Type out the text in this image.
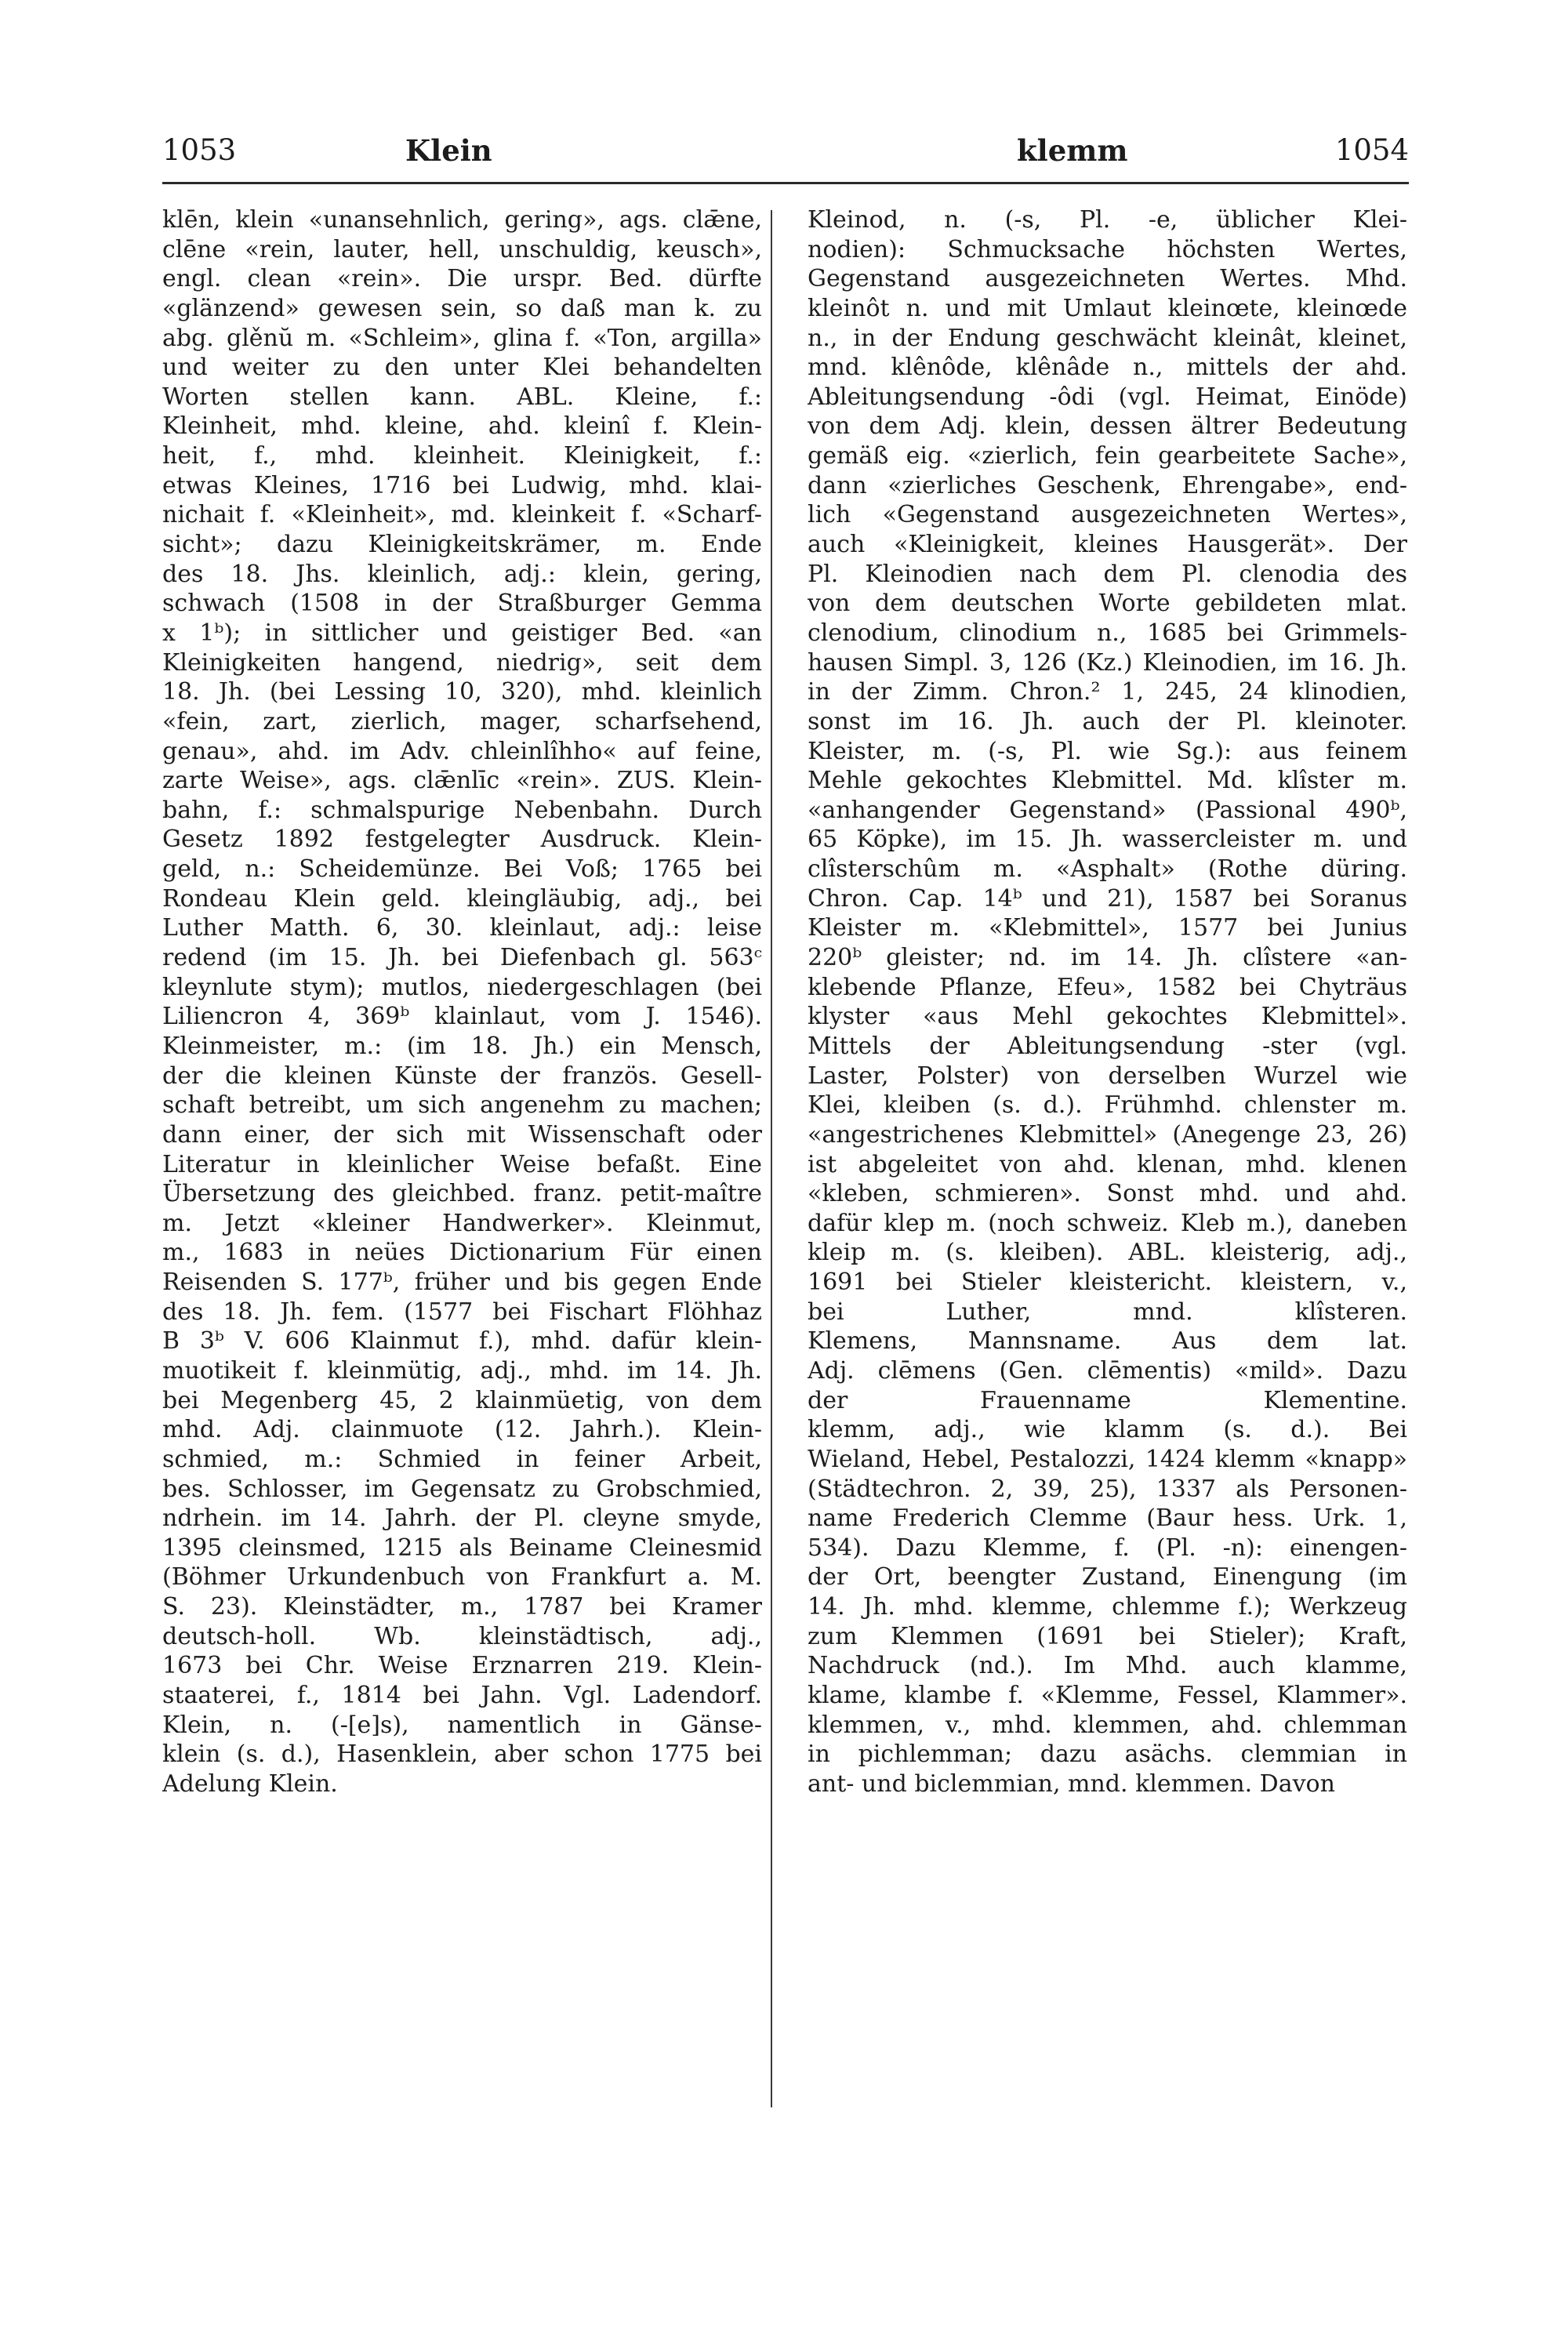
1053	Klein	klemm	1054
klēn, klein «unansehnlich, gering», ags. clǣne,
clēne «rein, lauter, hell, unschuldig, keusch»,
engl. clean «rein». Die urspr. Bed. dürfte
«glänzend» gewesen sein, so daß man k. zu
abg. glěnŭ m. «Schleim», glina f. «Ton, argilla»
und weiter zu den unter Klei behandelten
Worten stellen kann. ABL. Kleine, f.:
Kleinheit, mhd. kleine, ahd. kleinî f. Klein-
heit, f., mhd. kleinheit. Kleinigkeit, f.:
etwas Kleines, 1716 bei Ludwig, mhd. klai-
nichait f. «Kleinheit», md. kleinkeit f. «Scharf-
sicht»; dazu Kleinigkeitskrämer, m. Ende
des 18. Jhs. kleinlich, adj.: klein, gering,
schwach (1508 in der Straßburger Gemma
x 1ᵇ); in sittlicher und geistiger Bed. «an
Kleinigkeiten hangend, niedrig», seit dem
18. Jh. (bei Lessing 10, 320), mhd. kleinlich
«fein, zart, zierlich, mager, scharfsehend,
genau», ahd. im Adv. chleinlîhho« auf feine,
zarte Weise», ags. clǣnlīc «rein». ZUS. Klein-
bahn, f.: schmalspurige Nebenbahn. Durch
Gesetz 1892 festgelegter Ausdruck. Klein-
geld, n.: Scheidemünze. Bei Voß; 1765 bei
Rondeau Klein geld. kleingläubig, adj., bei
Luther Matth. 6, 30. kleinlaut, adj.: leise
redend (im 15. Jh. bei Diefenbach gl. 563ᶜ
kleynlute stym); mutlos, niedergeschlagen (bei
Liliencron 4, 369ᵇ klainlaut, vom J. 1546).
Kleinmeister, m.: (im 18. Jh.) ein Mensch,
der die kleinen Künste der französ. Gesell-
schaft betreibt, um sich angenehm zu machen;
dann einer, der sich mit Wissenschaft oder
Literatur in kleinlicher Weise befaßt. Eine
Übersetzung des gleichbed. franz. petit-maître
m. Jetzt «kleiner Handwerker». Kleinmut,
m., 1683 in neües Dictionarium Für einen
Reisenden S. 177ᵇ, früher und bis gegen Ende
des 18. Jh. fem. (1577 bei Fischart Flöhhaz
B 3ᵇ V. 606 Klainmut f.), mhd. dafür klein-
muotikeit f. kleinmütig, adj., mhd. im 14. Jh.
bei Megenberg 45, 2 klainmüetig, von dem
mhd. Adj. clainmuote (12. Jahrh.). Klein-
schmied, m.: Schmied in feiner Arbeit,
bes. Schlosser, im Gegensatz zu Grobschmied,
ndrhein. im 14. Jahrh. der Pl. cleyne smyde,
1395 cleinsmed, 1215 als Beiname Cleinesmid
(Böhmer Urkundenbuch von Frankfurt a. M.
S. 23). Kleinstädter, m., 1787 bei Kramer
deutsch-holl. Wb. kleinstädtisch, adj.,
1673 bei Chr. Weise Erznarren 219. Klein-
staaterei, f., 1814 bei Jahn. Vgl. Ladendorf.
Klein, n. (-[e]s), namentlich in Gänse-
klein (s. d.), Hasenklein, aber schon 1775 bei
Adelung Klein.
Kleinod, n. (-s, Pl. -e, üblicher Klei-
nodien): Schmucksache höchsten Wertes,
Gegenstand ausgezeichneten Wertes. Mhd.
kleinôt n. und mit Umlaut kleinœte, kleinœde
n., in der Endung geschwächt kleinât, kleinet,
mnd. klênôde, klênâde n., mittels der ahd.
Ableitungsendung -ôdi (vgl. Heimat, Einöde)
von dem Adj. klein, dessen ältrer Bedeutung
gemäß eig. «zierlich, fein gearbeitete Sache»,
dann «zierliches Geschenk, Ehrengabe», end-
lich «Gegenstand ausgezeichneten Wertes»,
auch «Kleinigkeit, kleines Hausgerät». Der
Pl. Kleinodien nach dem Pl. clenodia des
von dem deutschen Worte gebildeten mlat.
clenodium, clinodium n., 1685 bei Grimmels-
hausen Simpl. 3, 126 (Kz.) Kleinodien, im 16. Jh.
in der Zimm. Chron.² 1, 245, 24 klinodien,
sonst im 16. Jh. auch der Pl. kleinoter.
Kleister, m. (-s, Pl. wie Sg.): aus feinem
Mehle gekochtes Klebmittel. Md. klîster m.
«anhangender Gegenstand» (Passional 490ᵇ,
65 Köpke), im 15. Jh. wassercleister m. und
clîsterschûm m. «Asphalt» (Rothe düring.
Chron. Cap. 14ᵇ und 21), 1587 bei Soranus
Kleister m. «Klebmittel», 1577 bei Junius
220ᵇ gleister; nd. im 14. Jh. clîstere «an-
klebende Pflanze, Efeu», 1582 bei Chyträus
klyster «aus Mehl gekochtes Klebmittel».
Mittels der Ableitungsendung -ster (vgl.
Laster, Polster) von derselben Wurzel wie
Klei, kleiben (s. d.). Frühmhd. chlenster m.
«angestrichenes Klebmittel» (Anegenge 23, 26)
ist abgeleitet von ahd. klenan, mhd. klenen
«kleben, schmieren». Sonst mhd. und ahd.
dafür klep m. (noch schweiz. Kleb m.), daneben
kleip m. (s. kleiben). ABL. kleisterig, adj.,
1691 bei Stieler kleistericht. kleistern, v.,
bei Luther, mnd. klîsteren.
Klemens, Mannsname. Aus dem lat.
Adj. clēmens (Gen. clēmentis) «mild». Dazu
der Frauenname Klementine.
klemm, adj., wie klamm (s. d.). Bei
Wieland, Hebel, Pestalozzi, 1424 klemm «knapp»
(Städtechron. 2, 39, 25), 1337 als Personen-
name Frederich Clemme (Baur hess. Urk. 1,
534). Dazu Klemme, f. (Pl. -n): einengen-
der Ort, beengter Zustand, Einengung (im
14. Jh. mhd. klemme, chlemme f.); Werkzeug
zum Klemmen (1691 bei Stieler); Kraft,
Nachdruck (nd.). Im Mhd. auch klamme,
klame, klambe f. «Klemme, Fessel, Klammer».
klemmen, v., mhd. klemmen, ahd. chlemman
in pichlemman; dazu asächs. clemmian in
ant- und biclemmian, mnd. klemmen. Davon
